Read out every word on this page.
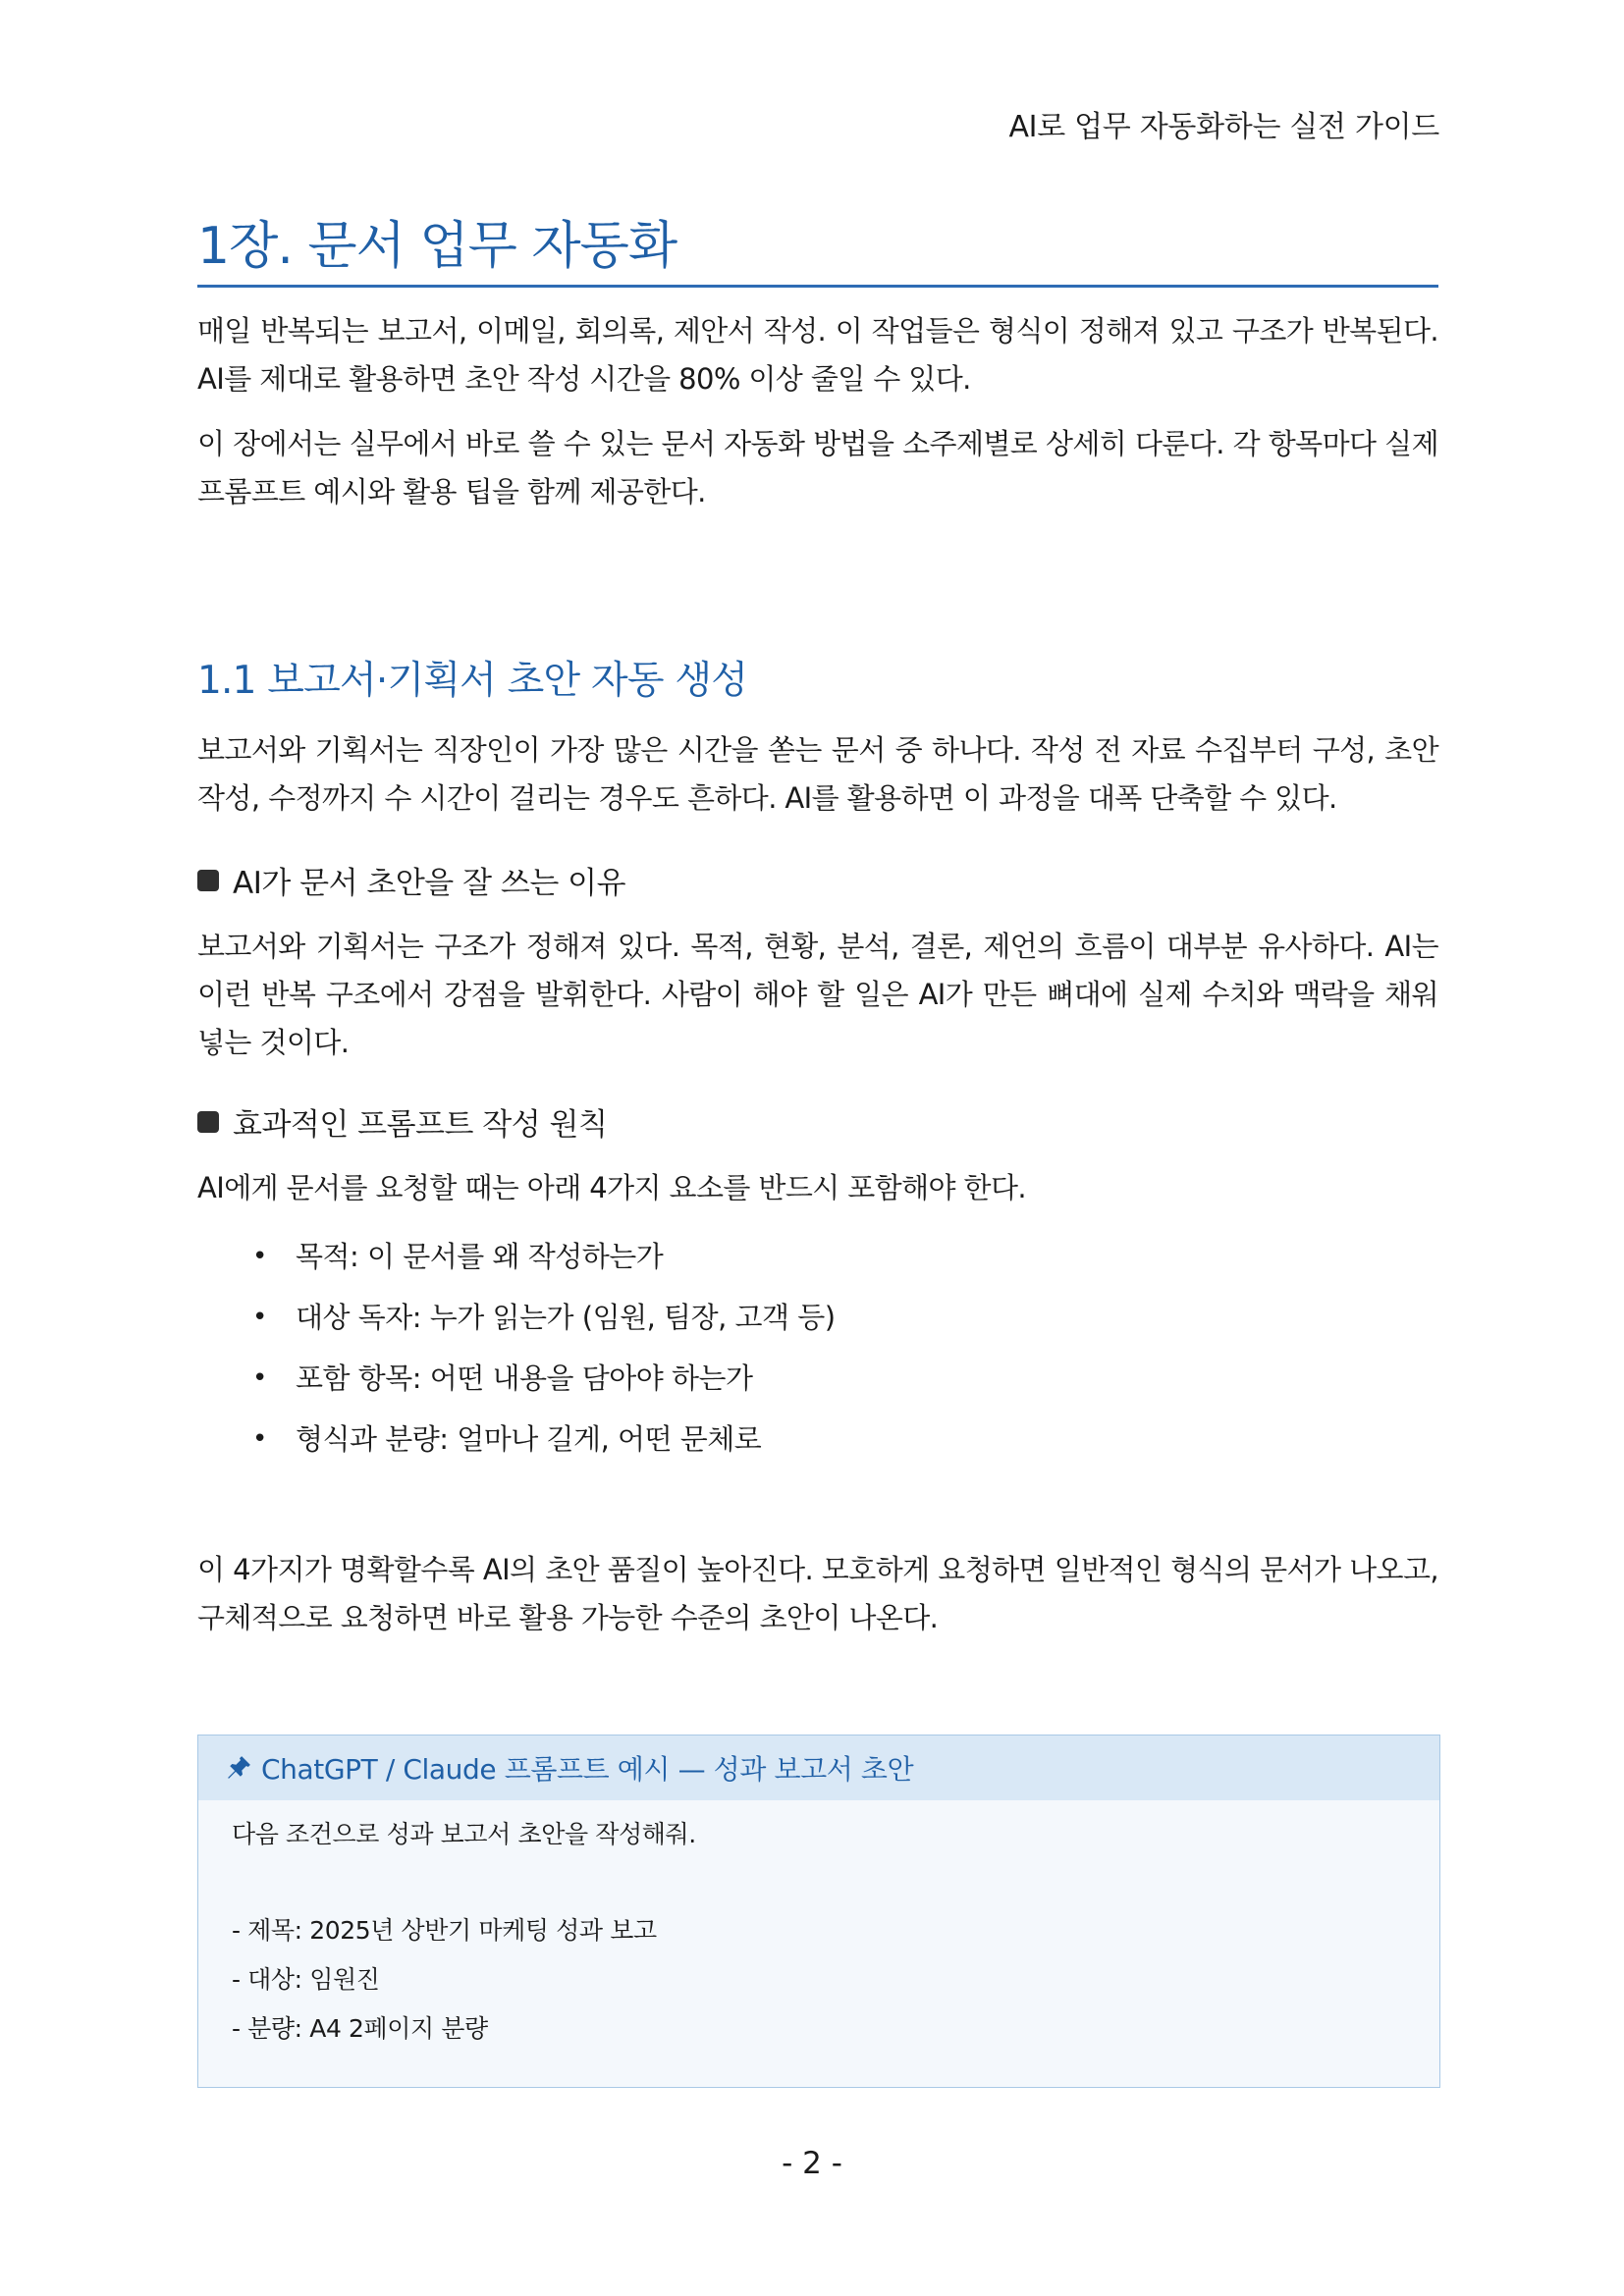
AI로 업무 자동화하는 실전 가이드
1장. 문서 업무 자동화

매일 반복되는 보고서, 이메일, 회의록, 제안서 작성. 이 작업들은 형식이 정해져 있고 구조가 반복된다. AI를 제대로 활용하면 초안 작성 시간을 80% 이상 줄일 수 있다.

이 장에서는 실무에서 바로 쓸 수 있는 문서 자동화 방법을 소주제별로 상세히 다룬다. 각 항목마다 실제 프롬프트 예시와 활용 팁을 함께 제공한다.

1.1 보고서·기획서 초안 자동 생성

보고서와 기획서는 직장인이 가장 많은 시간을 쏟는 문서 중 하나다. 작성 전 자료 수집부터 구성, 초안 작성, 수정까지 수 시간이 걸리는 경우도 흔하다. AI를 활용하면 이 과정을 대폭 단축할 수 있다.

AI가 문서 초안을 잘 쓰는 이유

보고서와 기획서는 구조가 정해져 있다. 목적, 현황, 분석, 결론, 제언의 흐름이 대부분 유사하다. AI는 이런 반복 구조에서 강점을 발휘한다. 사람이 해야 할 일은 AI가 만든 뼈대에 실제 수치와 맥락을 채워 넣는 것이다.

효과적인 프롬프트 작성 원칙

AI에게 문서를 요청할 때는 아래 4가지 요소를 반드시 포함해야 한다.

• 목적: 이 문서를 왜 작성하는가
• 대상 독자: 누가 읽는가 (임원, 팀장, 고객 등)
• 포함 항목: 어떤 내용을 담아야 하는가
• 형식과 분량: 얼마나 길게, 어떤 문체로

이 4가지가 명확할수록 AI의 초안 품질이 높아진다. 모호하게 요청하면 일반적인 형식의 문서가 나오고, 구체적으로 요청하면 바로 활용 가능한 수준의 초안이 나온다.

ChatGPT / Claude 프롬프트 예시 — 성과 보고서 초안
다음 조건으로 성과 보고서 초안을 작성해줘.
- 제목: 2025년 상반기 마케팅 성과 보고
- 대상: 임원진
- 분량: A4 2페이지 분량
- 2 -
